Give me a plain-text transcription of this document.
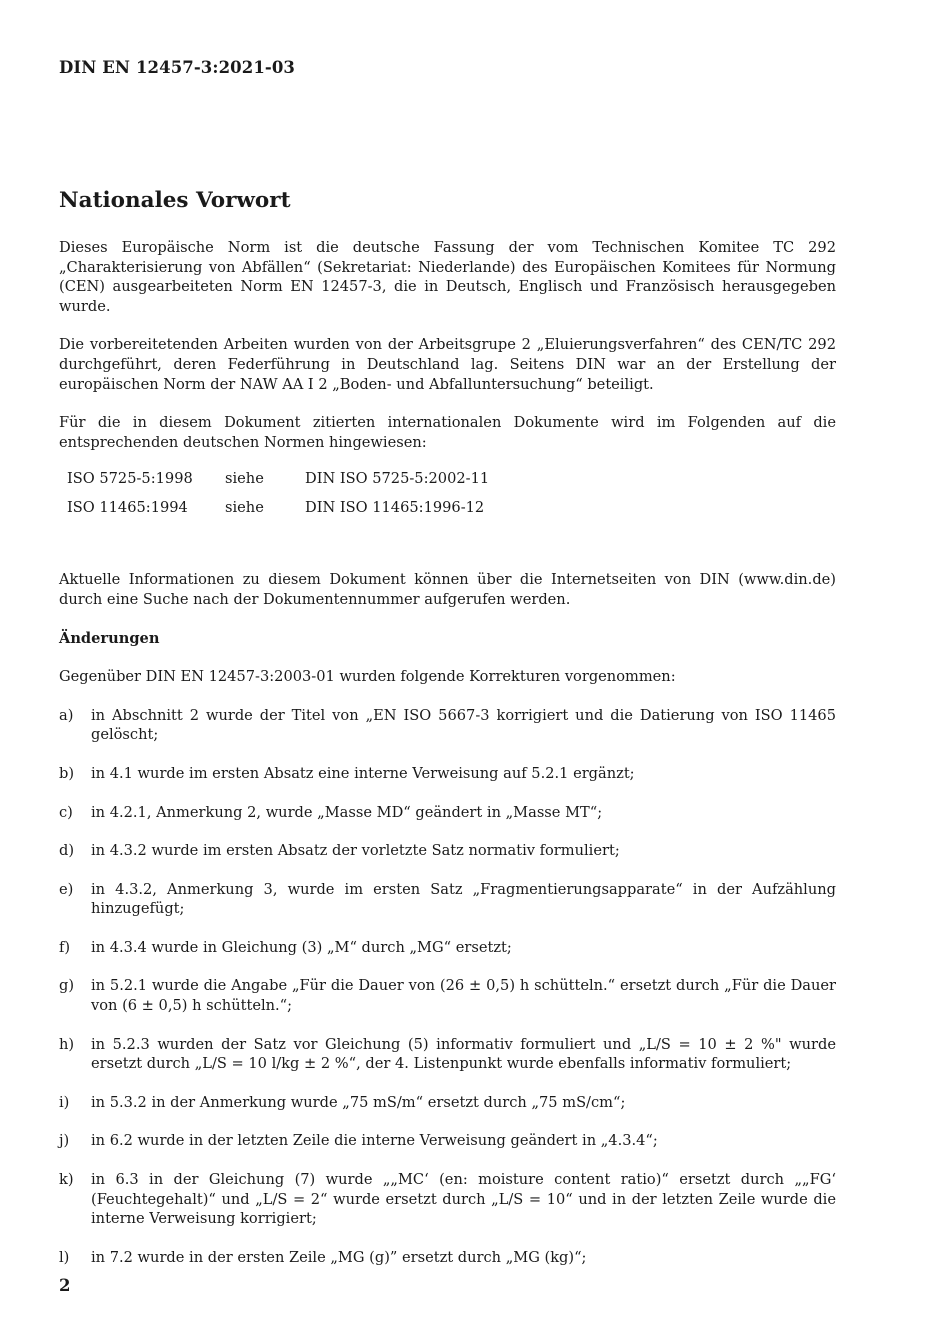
DIN EN 12457-3:2021-03
Nationales Vorwort
Dieses Europäische Norm ist die deutsche Fassung der vom Technischen Komitee TC 292 „Charakterisierung von Abfällen“ (Sekretariat: Niederlande) des Europäischen Komitees für Normung (CEN) ausgearbeiteten Norm EN 12457-3, die in Deutsch, Englisch und Französisch herausgegeben wurde.
Die vorbereitetenden Arbeiten wurden von der Arbeitsgrupe 2 „Eluierungsverfahren“ des CEN/TC 292 durchgeführt, deren Federführung in Deutschland lag. Seitens DIN war an der Erstellung der europäischen Norm der NAW AA I 2 „Boden- und Abfalluntersuchung“ beteiligt.
Für die in diesem Dokument zitierten internationalen Dokumente wird im Folgenden auf die entsprechenden deutschen Normen hingewiesen:
ISO 5725-5:1998	siehe	DIN ISO 5725-5:2002-11
ISO 11465:1994	siehe	DIN ISO 11465:1996-12
Aktuelle Informationen zu diesem Dokument können über die Internetseiten von DIN (www.din.de) durch eine Suche nach der Dokumentennummer aufgerufen werden.
Änderungen
Gegenüber DIN EN 12457-3:2003-01 wurden folgende Korrekturen vorgenommen:
a)	in Abschnitt 2 wurde der Titel von „EN ISO 5667-3 korrigiert und die Datierung von ISO 11465 gelöscht;
b)	in 4.1 wurde im ersten Absatz eine interne Verweisung auf 5.2.1 ergänzt;
c)	in 4.2.1, Anmerkung 2, wurde „Masse MD“ geändert in „Masse MT“;
d)	in 4.3.2 wurde im ersten Absatz der vorletzte Satz normativ formuliert;
e)	in 4.3.2, Anmerkung 3, wurde im ersten Satz „Fragmentierungsapparate“ in der Aufzählung hinzugefügt;
f)	in 4.3.4 wurde in Gleichung (3) „M“ durch „MG“ ersetzt;
g)	in 5.2.1 wurde die Angabe „Für die Dauer von (26 ± 0,5) h schütteln.“ ersetzt durch „Für die Dauer von (6 ± 0,5) h schütteln.“;
h)	in 5.2.3 wurden der Satz vor Gleichung (5) informativ formuliert und „L/S = 10 ± 2 %" wurde ersetzt durch „L/S = 10 l/kg ± 2 %“, der 4. Listenpunkt wurde ebenfalls informativ formuliert;
i)	in 5.3.2 in der Anmerkung wurde „75 mS/m“ ersetzt durch „75 mS/cm“;
j)	in 6.2 wurde in der letzten Zeile die interne Verweisung geändert in „4.3.4“;
k)	in 6.3 in der Gleichung (7) wurde „„MC‘ (en: moisture content ratio)“ ersetzt durch „„FG‘ (Feuchtegehalt)“ und „L/S = 2“ wurde ersetzt durch „L/S = 10“ und in der letzten Zeile wurde die interne Verweisung korrigiert;
l)	in 7.2 wurde in der ersten Zeile „MG (g)” ersetzt durch „MG (kg)“;
2
